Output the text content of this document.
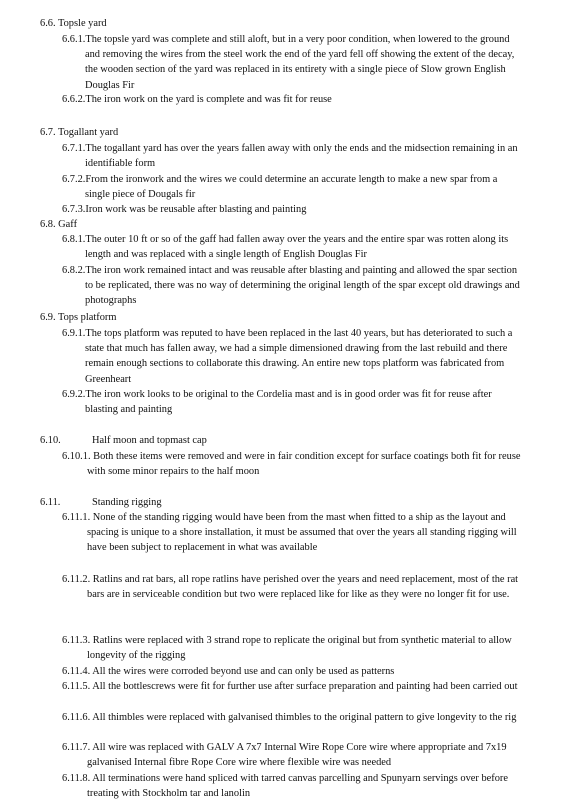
6.6. Topsle yard
6.6.1.The topsle yard was complete and still aloft, but in a very poor condition, when lowered to the ground and removing the wires from the steel work the end of the yard fell off showing the extent of the decay, the wooden section of the yard was replaced in its entirety with a single piece of Slow grown English Douglas Fir
6.6.2.The iron work on the yard is complete and was fit for reuse
6.7. Togallant yard
6.7.1.The togallant yard has over the years fallen away with only the ends and the midsection remaining in an identifiable form
6.7.2.From the ironwork and the wires we could determine an accurate length to make a new spar from a single piece of Dougals fir
6.7.3.Iron work was be reusable after blasting and painting
6.8. Gaff
6.8.1.The outer 10 ft or so of the gaff had fallen away over the years and the entire spar was rotten along its length and was replaced with a single length of English Douglas Fir
6.8.2.The iron work remained intact and was reusable after blasting and painting and allowed the spar section to be replicated, there was no way of determining the original length of the spar except old drawings and photographs
6.9. Tops platform
6.9.1.The tops platform was reputed to have been replaced in the last 40 years, but has deteriorated to such a state that much has fallen away, we had a simple dimensioned drawing from the last rebuild and there remain enough sections to collaborate this drawing. An entire new tops platform was fabricated from Greenheart
6.9.2.The iron work looks to be original to the Cordelia mast and is in good order was fit for reuse after blasting and painting
6.10.	Half moon and topmast cap
6.10.1. Both these items were removed and were in fair condition except for surface coatings both fit for reuse with some minor repairs to the half moon
6.11.	Standing rigging
6.11.1. None of the standing rigging would have been from the mast when fitted to a ship as the layout and spacing is unique to a shore installation, it must be assumed that over the years all standing rigging will have been subject to replacement in what was available
6.11.2. Ratlins and rat bars, all rope ratlins have perished over the years and need replacement, most of the rat bars are in serviceable condition but two were replaced like for like as they were no longer fit for use.
6.11.3. Ratlins were replaced with 3 strand rope to replicate the original but from synthetic material to allow longevity of the rigging
6.11.4. All the wires were corroded beyond use and can only be used as patterns
6.11.5. All the bottlescrews were fit for further use after surface preparation and painting had been carried out
6.11.6. All thimbles were replaced with galvanised thimbles to the original pattern to give longevity to the rig
6.11.7. All wire was replaced with GALV A 7x7 Internal Wire Rope Core wire where appropriate and 7x19 galvanised Internal fibre Rope Core wire where flexible wire was needed
6.11.8. All terminations were hand spliced with tarred canvas parcelling and Spunyarn servings over before treating with Stockholm tar and lanolin
